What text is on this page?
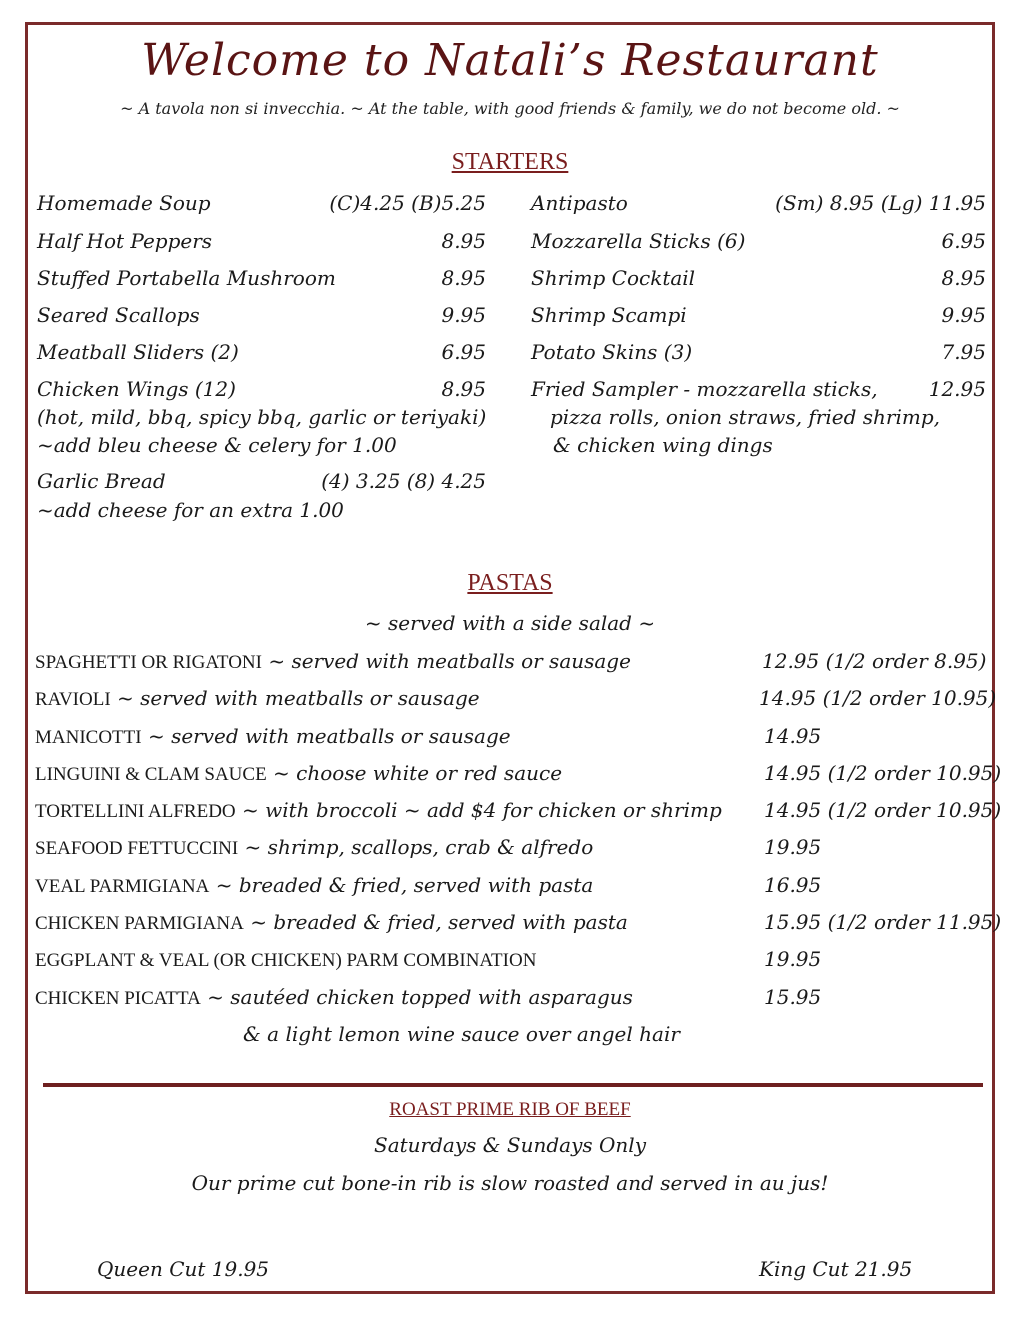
Welcome to Natali’s Restaurant
~ A tavola non si invecchia. ~ At the table, with good friends & family, we do not become old. ~
STARTERS
Homemade Soup	(C)4.25 (B)5.25
Half Hot Peppers	8.95
Stuffed Portabella Mushroom	8.95
Seared Scallops	9.95
Meatball Sliders (2)	6.95
Chicken Wings (12)	8.95
(hot, mild, bbq, spicy bbq, garlic or teriyaki)
~add bleu cheese & celery for 1.00
Garlic Bread	(4) 3.25 (8) 4.25
~add cheese for an extra 1.00
Antipasto	(Sm) 8.95 (Lg) 11.95
Mozzarella Sticks (6)	6.95
Shrimp Cocktail	8.95
Shrimp Scampi	9.95
Potato Skins (3)	7.95
Fried Sampler - mozzarella sticks,	12.95
pizza rolls, onion straws, fried shrimp,
& chicken wing dings
PASTAS
~ served with a side salad ~
SPAGHETTI OR RIGATONI ~ served with meatballs or sausage	12.95 (1/2 order 8.95)
RAVIOLI ~ served with meatballs or sausage	14.95 (1/2 order 10.95)
MANICOTTI ~ served with meatballs or sausage	14.95
LINGUINI & CLAM SAUCE ~ choose white or red sauce	14.95 (1/2 order 10.95)
TORTELLINI ALFREDO ~ with broccoli ~ add $4 for chicken or shrimp 14.95 (1/2 order 10.95)
SEAFOOD FETTUCCINI ~ shrimp, scallops, crab & alfredo	19.95
VEAL PARMIGIANA ~ breaded & fried, served with pasta	16.95
CHICKEN PARMIGIANA ~ breaded & fried, served with pasta	15.95 (1/2 order 11.95)
EGGPLANT & VEAL (OR CHICKEN) PARM COMBINATION	19.95
CHICKEN PICATTA ~ sautéed chicken topped with asparagus	15.95
& a light lemon wine sauce over angel hair
ROAST PRIME RIB OF BEEF
Saturdays & Sundays Only
Our prime cut bone-in rib is slow roasted and served in au jus!
Queen Cut 19.95	King Cut 21.95
